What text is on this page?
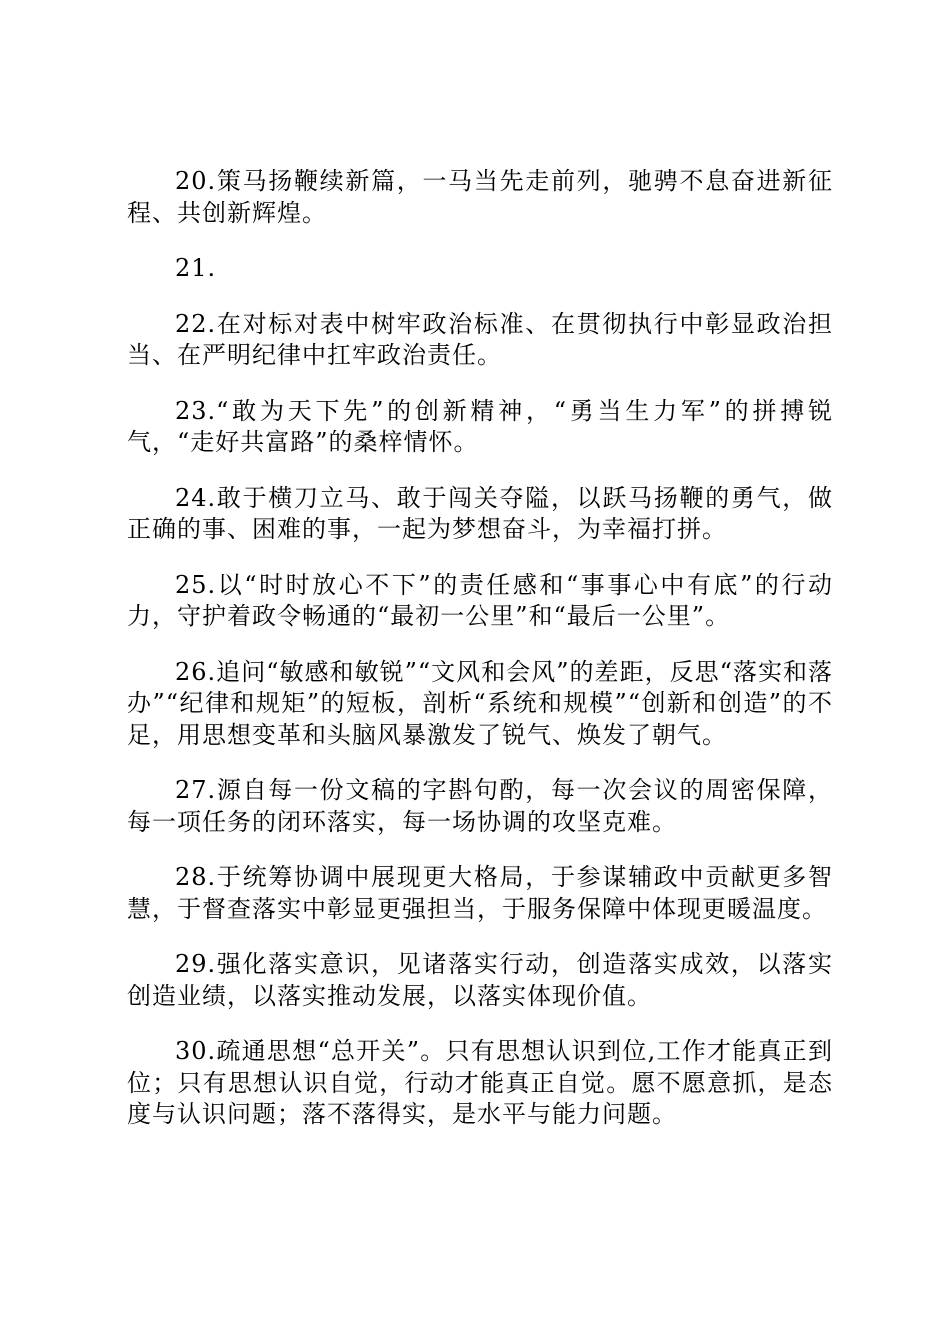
20.策马扬鞭续新篇，一马当先走前列，驰骋不息奋进新征程、共创新辉煌。

21.

22.在对标对表中树牢政治标准、在贯彻执行中彰显政治担当、在严明纪律中扛牢政治责任。

23.“敢为天下先”的创新精神，“勇当生力军”的拼搏锐气，“走好共富路”的桑梓情怀。

24.敢于横刀立马、敢于闯关夺隘，以跃马扬鞭的勇气，做正确的事、困难的事，一起为梦想奋斗，为幸福打拼。

25.以“时时放心不下”的责任感和“事事心中有底”的行动力，守护着政令畅通的“最初一公里”和“最后一公里”。

26.追问“敏感和敏锐”“文风和会风”的差距，反思“落实和落办”“纪律和规矩”的短板，剖析“系统和规模”“创新和创造”的不足，用思想变革和头脑风暴激发了锐气、焕发了朝气。

27.源自每一份文稿的字斟句酌，每一次会议的周密保障，每一项任务的闭环落实，每一场协调的攻坚克难。

28.于统筹协调中展现更大格局，于参谋辅政中贡献更多智慧，于督查落实中彰显更强担当，于服务保障中体现更暖温度。

29.强化落实意识，见诸落实行动，创造落实成效，以落实创造业绩，以落实推动发展，以落实体现价值。

30.疏通思想“总开关”。只有思想认识到位,工作才能真正到位；只有思想认识自觉，行动才能真正自觉。愿不愿意抓，是态度与认识问题；落不落得实，是水平与能力问题。
